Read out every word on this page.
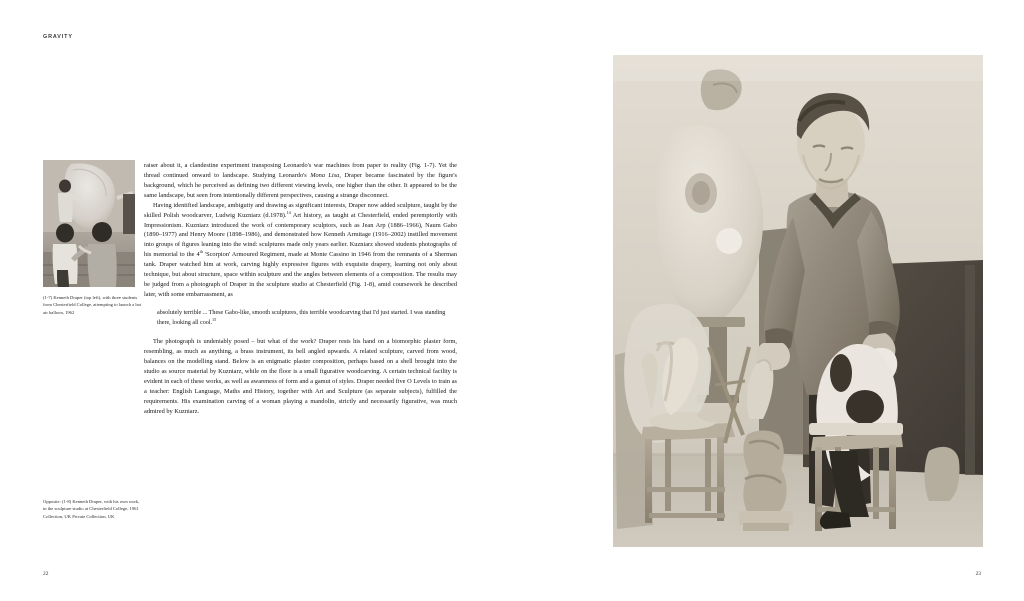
GRAVITY
(1-7) Kenneth Draper (top left), with three students from Chesterfield College, attempting to launch a hot air balloon, 1962
Opposite: (1-8) Kenneth Draper, with his own work, in the sculpture studio at Chesterfield College, 1961 Collection, UK Private Collection, UK
22

raiser about it, a clandestine experiment transposing Leonardo's war machines from paper to reality (Fig. 1-7). Yet the thread continued onward to landscape. Studying Leonardo's Mona Lisa, Draper became fascinated by the figure's background, which he perceived as defining two different viewing levels, one higher than the other. It appeared to be the same landscape, but seen from intentionally different perspectives, causing a strange disconnect.

Having identified landscape, ambiguity and drawing as significant interests, Draper now added sculpture, taught by the skilled Polish woodcarver, Ludwig Kuzniarz (d.1978).$^{14}$ Art history, as taught at Chesterfield, ended peremptorily with Impressionism. Kuzniarz introduced the work of contemporary sculptors, such as Jean Arp (1886–1966), Naum Gabo (1890–1977) and Henry Moore (1898–1986), and demonstrated how Kenneth Armitage (1916–2002) instilled movement into groups of figures leaning into the wind: sculptures made only years earlier. Kuzniarz showed students photographs of his memorial to the 4th 'Scorpion' Armoured Regiment, made at Monte Cassino in 1946 from the remnants of a Sherman tank. Draper watched him at work, carving highly expressive figures with exquisite drapery, learning not only about technique, but about structure, space within sculpture and the angles between elements of a composition. The results may be judged from a photograph of Draper in the sculpture studio at Chesterfield (Fig. 1-8), amid coursework he described later, with some embarrassment, as

absolutely terrible ... These Gabo-like, smooth sculptures, this terrible woodcarving that I'd just started. I was standing there, looking all cool.$^{15}$

The photograph is undeniably posed – but what of the work? Draper rests his hand on a biomorphic plaster form, resembling, as much as anything, a brass instrument, its bell angled upwards. A related sculpture, carved from wood, balances on the modelling stand. Below is an enigmatic plaster composition, perhaps based on a shell brought into the studio as source material by Kuzniarz, while on the floor is a small figurative woodcarving. A certain technical facility is evident in each of these works, as well as awareness of form and a gamut of styles. Draper needed five O Levels to train as a teacher: English Language, Maths and History, together with Art and Sculpture (as separate subjects), fulfilled the requirements. His examination carving of a woman playing a mandolin, strictly and necessarily figurative, was much admired by Kuzniarz.

23
